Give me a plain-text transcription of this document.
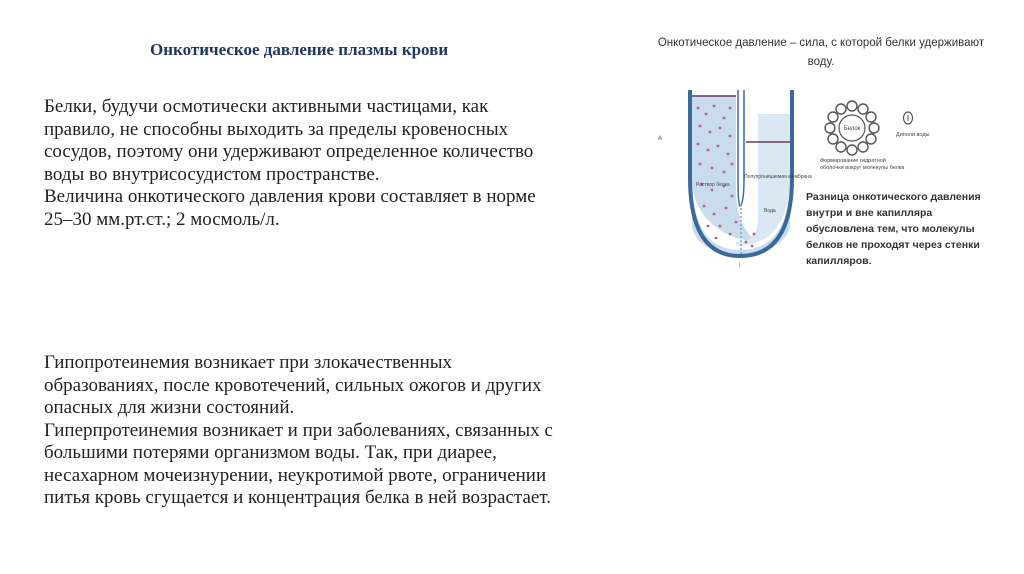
Онкотическое давление плазмы крови
Белки, будучи осмотически активными частицами, как
правило, не способны выходить за пределы кровеносных
сосудов, поэтому они удерживают определенное количество
воды во внутрисосудистом пространстве.
Величина онкотического давления крови составляет в норме
25–30 мм.рт.ст.; 2 мосмоль/л.
Гипопротеинемия возникает при злокачественных
образованиях, после кровотечений, сильных ожогов и других
опасных для жизни состояний.
Гиперпротеинемия возникает и при заболеваниях, связанных с
большими потерями организмом воды. Так, при диарее,
несахарном мочеизнурении, неукротимой рвоте, ограничении
питья кровь сгущается и концентрация белка в ней возрастает.
Онкотическое давление – сила, с которой белки удерживают
воду.
A
Раствор белка
Полупроницаемая мембрана
Вода
Белок
Диполи воды
Формирование гидратной
оболочки вокруг молекулы белка
↕
Разница онкотического давления
внутри и вне капилляра
обусловлена тем, что молекулы
белков не проходят через стенки
капилляров.
